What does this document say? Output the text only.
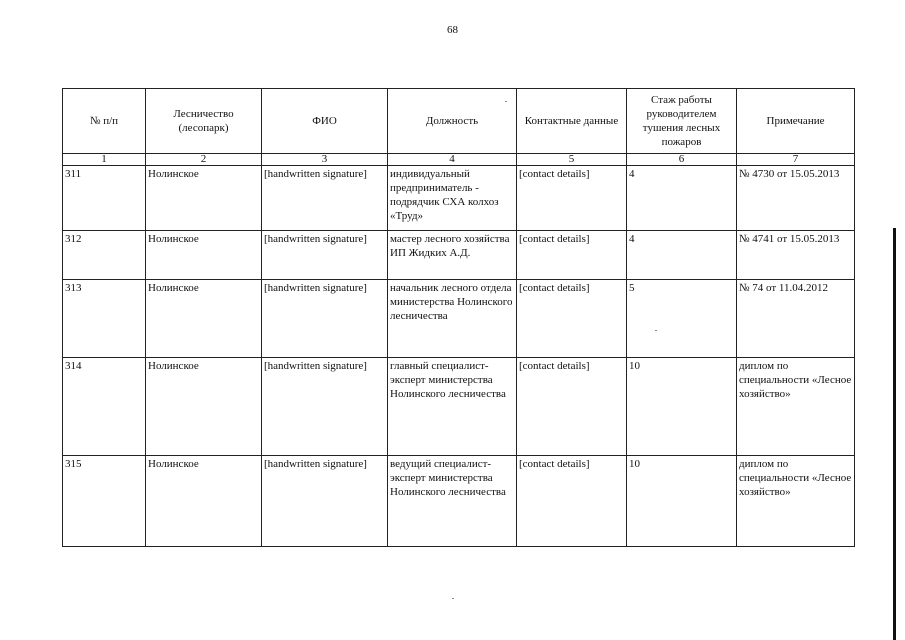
68
№ п/п	Лесничество (лесопарк)	ФИО	Должность	Контактные данные	Стаж работы руководителем тушения лесных пожаров	Примечание
1	2	3	4	5	6	7
311	Нолинское	[handwritten signature]	индивидуальный предприниматель - подрядчик СХА колхоз «Труд»	[contact details]	4	№ 4730 от 15.05.2013
312	Нолинское	[handwritten signature]	мастер лесного хозяйства ИП Жидких А.Д.	[contact details]	4	№ 4741 от 15.05.2013
313	Нолинское	[handwritten signature]	начальник лесного отдела министерства Нолинского лесничества	[contact details]	5	№ 74 от 11.04.2012
314	Нолинское	[handwritten signature]	главный специалист-эксперт министерства Нолинского лесничества	[contact details]	10	диплом по специальности «Лесное хозяйство»
315	Нолинское	[handwritten signature]	ведущий специалист-эксперт министерства Нолинского лесничества	[contact details]	10	диплом по специальности «Лесное хозяйство»
